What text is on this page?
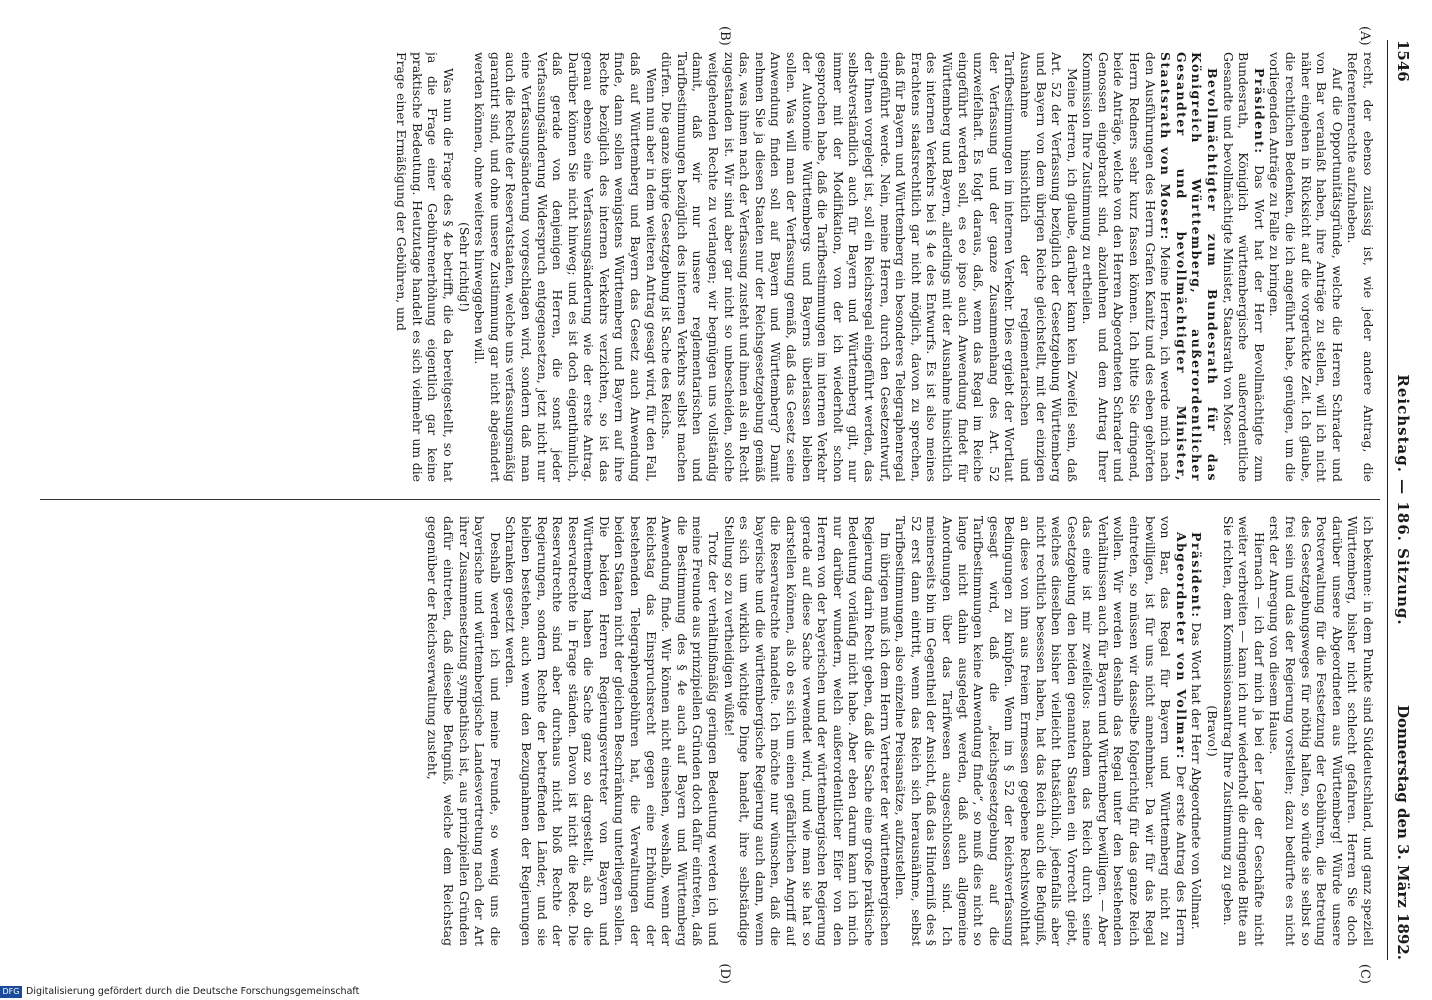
1546
Reichstag. — 186. Sitzung.
Donnerstag den 3. März 1892.
(A)
(B)
(C)
(D)

recht, der ebenso zulässig ist, wie jeder andere Antrag, die Referentenrechte aufzuheben.

Auf die Opportunitätsgründe, welche die Herren Schrader und von Bar veranlaßt haben, ihre Anträge zu stellen, will ich nicht näher eingehen in Rücksicht auf die vorgerückte Zeit. Ich glaube, die rechtlichen Bedenken, die ich angeführt habe, genügen, um die vorliegenden Anträge zu Falle zu bringen.

Präsident: Das Wort hat der Herr Bevollmächtigte zum Bundesrath, Königlich württembergische außerordentliche Gesandte und bevollmächtigte Minister, Staatsrath von Moser.

Bevollmächtigter zum Bundesrath für das Königreich Württemberg, außerordentlicher Gesandter und bevollmächtigter Minister, Staatsrath von Moser: Meine Herren, ich werde mich nach den Ausführungen des Herrn Grafen Kanitz und des eben gehörten Herrn Redners sehr kurz fassen können. Ich bitte Sie dringend, beide Anträge, welche von den Herren Abgeordneten Schrader und Genossen eingebracht sind, abzulehnen und dem Antrag Ihrer Kommission Ihre Zustimmung zu ertheilen.

Meine Herren, ich glaube, darüber kann kein Zweifel sein, daß Art. 52 der Verfassung bezüglich der Gesetzgebung Württemberg und Bayern von dem übrigen Reiche gleichstellt, mit der einzigen Ausnahme hinsichtlich der reglementarischen und Tarifbestimmungen im internen Verkehr. Dies ergiebt der Wortlaut der Verfassung und der ganze Zusammenhang des Art. 52 unzweifelhaft. Es folgt daraus, daß, wenn das Regal im Reiche eingeführt werden soll, es eo ipso auch Anwendung findet für Württemberg und Bayern, allerdings mit der Ausnahme hinsichtlich des internen Verkehrs bei § 4e des Entwurfs. Es ist also meines Erachtens staatsrechtlich gar nicht möglich, davon zu sprechen, daß für Bayern und Württemberg ein besonderes Telegraphenregal eingeführt werde. Nein, meine Herren, durch den Gesetzentwurf, der Ihnen vorgelegt ist, soll ein Reichsregal eingeführt werden, das selbstverständlich auch für Bayern und Württemberg gilt, nur immer mit der Modifikation, von der ich wiederholt schon gesprochen habe, daß die Tarifbestimmungen im internen Verkehr der Autonomie Württembergs und Bayerns überlassen bleiben sollen. Was will man der Verfassung gemäß, daß das Gesetz seine Anwendung finden soll auf Bayern und Württemberg? Damit nehmen Sie ja diesen Staaten nur der Reichsgesetzgebung gemäß das, was ihnen nach der Verfassung zusteht und ihnen als ein Recht zugestanden ist. Wir sind aber gar nicht so unbescheiden, solche weitgehenden Rechte zu verlangen; wir begnügen uns vollständig damit, daß wir nur unsere reglementarischen und Tarifbestimmungen bezüglich des internen Verkehrs selbst machen dürfen. Die ganze übrige Gesetzgebung ist Sache des Reichs.

Wenn nun aber in dem weiteren Antrag gesagt wird, für den Fall, daß auf Württemberg und Bayern das Gesetz auch Anwendung finde, dann sollen wenigstens Württemberg und Bayern auf ihre Rechte bezüglich des internen Verkehrs verzichten, so ist das genau ebenso eine Verfassungsänderung wie der erste Antrag. Darüber können Sie nicht hinweg; und es ist doch eigenthümlich, daß gerade von denjenigen Herren, die sonst jeder Verfassungsänderung Widerspruch entgegensetzen, jetzt nicht nur eine Verfassungsänderung vorgeschlagen wird, sondern daß man auch die Rechte der Reservatstaaten, welche uns verfassungsmäßig garantirt sind, und ohne unsere Zustimmung gar nicht abgeändert werden können, ohne weiteres hinweggeben will.

(Sehr richtig!)

Was nun die Frage des § 4e betrifft, die da bereitgestellt, so hat ja die Frage einer Gebührenerhöhung eigentlich gar keine praktische Bedeutung. Heutzutage handelt es sich vielmehr um die Frage einer Ermäßigung der Gebühren, und

ich bekenne: in dem Punkte sind Süddeutschland, und ganz speziell Württemberg, bisher nicht schlecht gefahren. Herren Sie doch darüber unsere Abgeordneten aus Württemberg! Würde unsere Postverwaltung für die Festsetzung der Gebühren, die Betretung des Gesetzgebungsweges für nöthig halten, so würde sie selbst so frei sein und das der Regierung vorstellen; dazu bedürfte es nicht erst der Anregung von diesem Hause.

Hiernach — ich darf mich ja bei der Lage der Geschäfte nicht weiter verbreiten — kann ich nur wiederholt die dringende Bitte an Sie richten, dem Kommissionsantrag Ihre Zustimmung zu geben.

(Bravo!)

Präsident: Das Wort hat der Herr Abgeordnete von Vollmar.

Abgeordneter von Vollmar: Der erste Antrag des Herrn von Bar, das Regal für Bayern und Württemberg nicht zu bewilligen, ist für uns nicht annehmbar. Da wir für das Regal eintreten, so müssen wir dasselbe folgerichtig für das ganze Reich wollen. Wir werden deshalb das Regal unter den bestehenden Verhältnissen auch für Bayern und Württemberg bewilligen. — Aber das eine ist mir zweifellos: nachdem das Reich durch seine Gesetzgebung den beiden genannten Staaten ein Vorrecht giebt, welches dieselben bisher vielleicht thatsächlich, jedenfalls aber nicht rechtlich besessen haben, hat das Reich auch die Befugniß, an diese von ihm aus freiem Ermessen gegebene Rechtswohlthat Bedingungen zu knüpfen. Wenn im § 52 der Reichsverfassung gesagt wird, daß die „Reichsgesetzgebung auf die Tarifbestimmungen keine Anwendung finde“, so muß dies nicht so lange nicht dahin ausgelegt werden, daß auch allgemeine Anordnungen über das Tarifwesen ausgeschlossen sind. Ich meinerseits bin im Gegentheil der Ansicht, daß das Hinderniß des § 52 erst dann eintritt, wenn das Reich sich herausnähme, selbst Tarifbestimmungen, also einzelne Preisansätze, aufzustellen.

Im übrigen muß ich dem Herrn Vertreter der württembergischen Regierung darin Recht geben, daß die Sache eine große praktische Bedeutung vorläufig nicht habe. Aber eben darum kann ich mich nur darüber wundern, welch außerordentlicher Eifer von den Herren von der bayerischen und der württembergischen Regierung gerade auf diese Sache verwendet wird, und wie man sie hat so darstellen können, als ob es sich um einen gefährlichen Angriff auf die Reservatrechte handelte. Ich möchte nur wünschen, daß die bayerische und die württembergische Regierung auch dann, wenn es sich um wirklich wichtige Dinge handelt, ihre selbständige Stellung so zu vertheidigen wüßte!

Trotz der verhältnißmäßig geringen Bedeutung werden ich und meine Freunde aus prinzipiellen Gründen doch dafür eintreten, daß die Bestimmung des § 4e auch auf Bayern und Württemberg Anwendung finde. Wir können nicht einsehen, weshalb, wenn der Reichstag das Einspruchsrecht gegen eine Erhöhung der bestehenden Telegraphengebühren hat, die Verwaltungen der beiden Staaten nicht der gleichen Beschränkung unterliegen sollen. Die beiden Herren Regierungsvertreter von Bayern und Württemberg haben die Sache ganz so dargestellt, als ob die Reservatrechte in Frage ständen. Davon ist nicht die Rede. Die Reservatrechte sind aber durchaus nicht bloß Rechte der Regierungen, sondern Rechte der betreffenden Länder, und sie bleiben bestehen, auch wenn den Bezugnahmen der Regierungen Schranken gesetzt werden.

Deshalb werden ich und meine Freunde, so wenig uns die bayerische und württembergische Landesvertretung nach der Art ihrer Zusammensetzung sympathisch ist, aus prinzipiellen Gründen dafür eintreten, daß dieselbe Befugniß, welche dem Reichstag gegenüber der Reichsverwaltung zusteht,

DFG Digitalisierung gefördert durch die Deutsche Forschungsgemeinschaft
